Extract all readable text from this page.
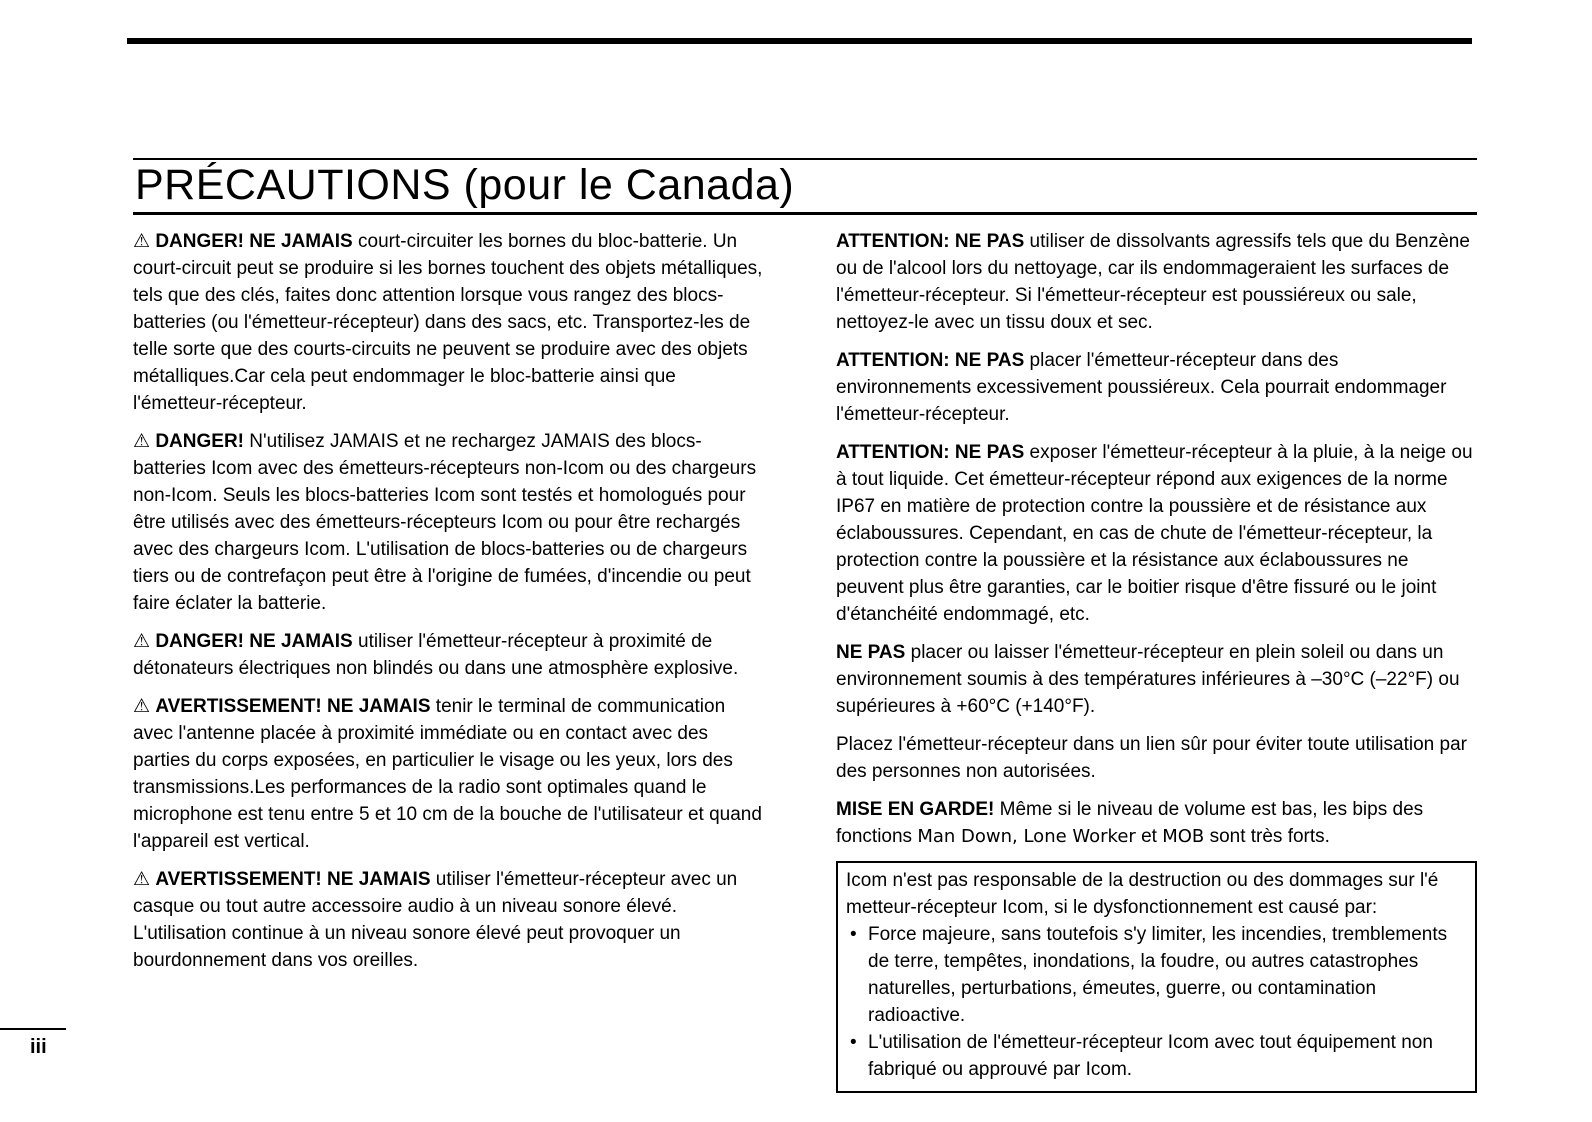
PRÉCAUTIONS (pour le Canada)

⚠ DANGER! NE JAMAIS court-circuiter les bornes du bloc-batterie. Un court-circuit peut se produire si les bornes touchent des objets métalliques, tels que des clés, faites donc attention lorsque vous rangez des blocs-batteries (ou l'émetteur-récepteur) dans des sacs, etc. Transportez-les de telle sorte que des courts-circuits ne peuvent se produire avec des objets métalliques.Car cela peut endommager le bloc-batterie ainsi que l'émetteur-récepteur.

⚠ DANGER! N'utilisez JAMAIS et ne rechargez JAMAIS des blocs-batteries Icom avec des émetteurs-récepteurs non-Icom ou des chargeurs non-Icom. Seuls les blocs-batteries Icom sont testés et homologués pour être utilisés avec des émetteurs-récepteurs Icom ou pour être rechargés avec des chargeurs Icom. L'utilisation de blocs-batteries ou de chargeurs tiers ou de contrefaçon peut être à l'origine de fumées, d'incendie ou peut faire éclater la batterie.

⚠ DANGER! NE JAMAIS utiliser l'émetteur-récepteur à proximité de détonateurs électriques non blindés ou dans une atmosphère explosive.

⚠ AVERTISSEMENT! NE JAMAIS tenir le terminal de communication avec l'antenne placée à proximité immédiate ou en contact avec des parties du corps exposées, en particulier le visage ou les yeux, lors des transmissions.Les performances de la radio sont optimales quand le microphone est tenu entre 5 et 10 cm de la bouche de l'utilisateur et quand l'appareil est vertical.

⚠ AVERTISSEMENT! NE JAMAIS utiliser l'émetteur-récepteur avec un casque ou tout autre accessoire audio à un niveau sonore élevé. L'utilisation continue à un niveau sonore élevé peut provoquer un bourdonnement dans vos oreilles.

ATTENTION: NE PAS utiliser de dissolvants agressifs tels que du Benzène ou de l'alcool lors du nettoyage, car ils endommageraient les surfaces de l'émetteur-récepteur. Si l'émetteur-récepteur est poussiéreux ou sale, nettoyez-le avec un tissu doux et sec.

ATTENTION: NE PAS placer l'émetteur-récepteur dans des environnements excessivement poussiéreux. Cela pourrait endommager l'émetteur-récepteur.

ATTENTION: NE PAS exposer l'émetteur-récepteur à la pluie, à la neige ou à tout liquide. Cet émetteur-récepteur répond aux exigences de la norme IP67 en matière de protection contre la poussière et de résistance aux éclaboussures. Cependant, en cas de chute de l'émetteur-récepteur, la protection contre la poussière et la résistance aux éclaboussures ne peuvent plus être garanties, car le boitier risque d'être fissuré ou le joint d'étanchéité endommagé, etc.

NE PAS placer ou laisser l'émetteur-récepteur en plein soleil ou dans un environnement soumis à des températures inférieures à –30°C (–22°F) ou supérieures à +60°C (+140°F).

Placez l'émetteur-récepteur dans un lien sûr pour éviter toute utilisation par des personnes non autorisées.

MISE EN GARDE! Même si le niveau de volume est bas, les bips des fonctions Man Down, Lone Worker et MOB sont très forts.

Icom n'est pas responsable de la destruction ou des dommages sur l'é metteur-récepteur Icom, si le dysfonctionnement est causé par:

• Force majeure, sans toutefois s'y limiter, les incendies, tremblements de terre, tempêtes, inondations, la foudre, ou autres catastrophes naturelles, perturbations, émeutes, guerre, ou contamination radioactive.
• L'utilisation de l'émetteur-récepteur Icom avec tout équipement non fabriqué ou approuvé par Icom.
iii
